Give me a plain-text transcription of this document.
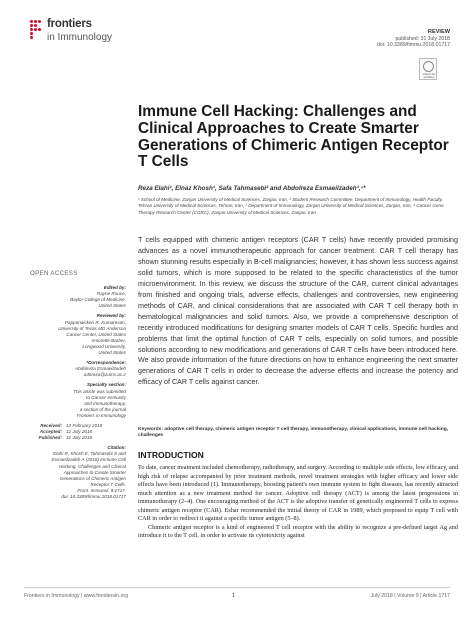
frontiers
in Immunology	REVIEW
published: 31 July 2018
doi: 10.3389/fimmu.2018.01717
Check for updates
Immune Cell Hacking: Challenges and Clinical Approaches to Create Smarter Generations of Chimeric Antigen Receptor T Cells
Reza Elahi¹, Elnaz Khosh¹, Safa Tahmasebi² and Abdolreza Esmaeilzadeh³,⁴*
¹ School of Medicine, Zanjan University of Medical Sciences, Zanjan, Iran, ² Student Research Committee, Department of Immunology, Health Faculty, Tehran University of Medical Sciences, Tehran, Iran, ³ Department of Immunology, Zanjan University of Medical Sciences, Zanjan, Iran, ⁴ Cancer Gene Therapy Research Center (CGRC), Zanjan University of Medical Sciences, Zanjan, Iran
T cells equipped with chimeric antigen receptors (CAR T cells) have recently provided promising advances as a novel immunotherapeutic approach for cancer treatment. CAR T cell therapy has shown stunning results especially in B-cell malignancies; however, it has shown less success against solid tumors, which is more supposed to be related to the specific characteristics of the tumor microenvironment. In this review, we discuss the structure of the CAR, current clinical advantages from finished and ongoing trials, adverse effects, challenges and controversies, new engineering methods of CAR, and clinical considerations that are associated with CAR T cell therapy both in hematological malignancies and solid tumors. Also, we provide a comprehensive description of recently introduced modifications for designing smarter models of CAR T cells. Specific hurdles and problems that limit the optimal function of CAR T cells, especially on solid tumors, and possible solutions according to new modifications and generations of CAR T cells have been introduced here. We also provide information of the future directions on how to enhance engineering the next smarter generations of CAR T cells in order to decrease the adverse effects and increase the potency and efficacy of CAR T cells against cancer.
Keywords: adoptive cell therapy, chimeric antigen receptor T cell therapy, immunotherapy, clinical applications, immune cell hacking, challenges
INTRODUCTION

To date, cancer treatment included chemotherapy, radiotherapy, and surgery. According to multiple side effects, low efficacy, and high risk of relapse accompanied by prior treatment methods, novel treatment strategies with higher efficacy and lower side effects have been introduced (1). Immunotherapy, boosting patient's own immune system to fight diseases, has recently attracted much attention as a new treatment method for cancer. Adoptive cell therapy (ACT) is among the latest progressions in immunotherapy (2–4). One encouraging method of the ACT is the adoptive transfer of genetically engineered T cells to express chimeric antigen receptor (CAR). Eshar recommended the initial theory of CAR in 1989, which proposed to equip T cell with CAR in order to redirect it against a specific tumor antigen (5–8).

Chimeric antigen receptor is a kind of engineered T cell receptor with the ability to recognize a pre-defined target Ag and introduce it to the T cell, in order to activate its cytotoxicity against

OPEN ACCESS
Edited by:
Rayne Rouce,
Baylor College of Medicine,
United States
Reviewed by:
Pappanaicken R. Kumaresan,
University of Texas MD Anderson
Cancer Center, United States
Amorette Barber,
Longwood University,
United States
*Correspondence:
Abdolreza Esmaeilzadeh
a46reza@zums.ac.ir
Specialty section:
This article was submitted
to Cancer Immunity
and Immunotherapy,
a section of the journal
Frontiers in Immunology
Received: 13 February 2018
Accepted: 12 July 2018
Published: 31 July 2018
Citation:
Elahi R, Khosh E, Tahmasebi S and
Esmaeilzadeh A (2018) Immune Cell
Hacking: Challenges and Clinical
Approaches to Create Smarter
Generations of Chimeric Antigen
Receptor T Cells.
Front. Immunol. 9:1717.
doi: 10.3389/fimmu.2018.01717
Frontiers in Immunology | www.frontiersin.org	1	July 2018 | Volume 9 | Article 1717
